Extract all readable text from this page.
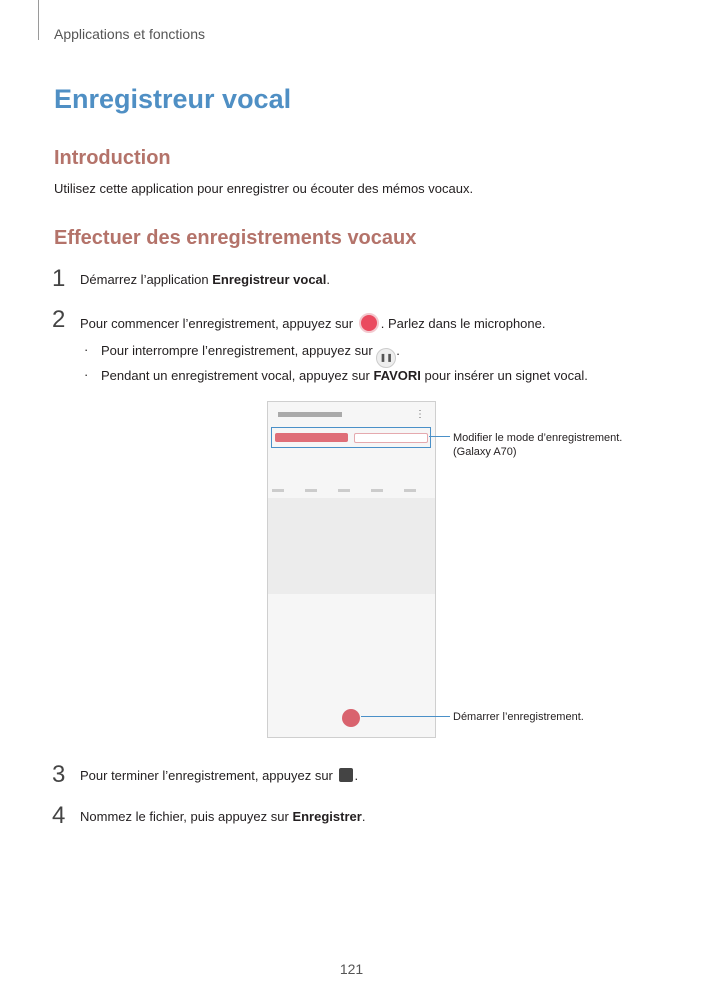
Applications et fonctions
Enregistreur vocal
Introduction
Utilisez cette application pour enregistrer ou écouter des mémos vocaux.
Effectuer des enregistrements vocaux
1 Démarrez l’application Enregistreur vocal.
2 Pour commencer l’enregistrement, appuyez sur . Parlez dans le microphone.
· Pour interrompre l’enregistrement, appuyez sur ❚❚ .
· Pendant un enregistrement vocal, appuyez sur FAVORI pour insérer un signet vocal.
⋮
Modifier le mode d’enregistrement.
(Galaxy A70)
Démarrer l’enregistrement.
3 Pour terminer l’enregistrement, appuyez sur .
4 Nommez le fichier, puis appuyez sur Enregistrer.
121
